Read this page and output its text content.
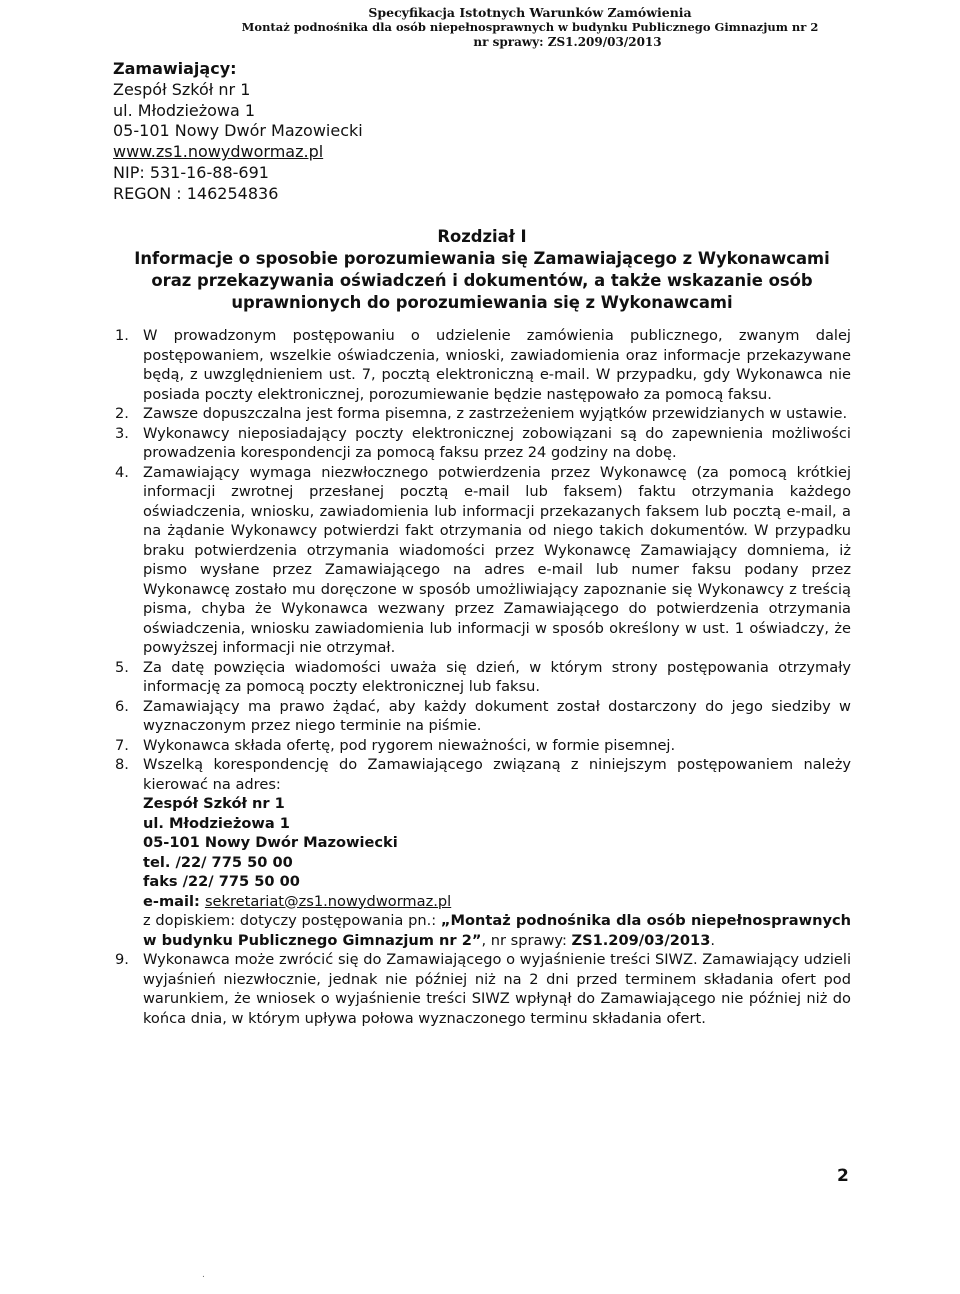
Specyfikacja Istotnych Warunków Zamówienia
Montaż podnośnika dla osób niepełnosprawnych w budynku Publicznego Gimnazjum nr 2
nr sprawy: ZS1.209/03/2013
Zamawiający:
Zespół Szkół nr 1
ul. Młodzieżowa 1
05-101 Nowy Dwór Mazowiecki
www.zs1.nowydwormaz.pl
NIP: 531-16-88-691
REGON : 146254836
Rozdział I
Informacje o sposobie porozumiewania się Zamawiającego z Wykonawcami oraz przekazywania oświadczeń i dokumentów, a także wskazanie osób uprawnionych do porozumiewania się z Wykonawcami
1. W prowadzonym postępowaniu o udzielenie zamówienia publicznego, zwanym dalej postępowaniem, wszelkie oświadczenia, wnioski, zawiadomienia oraz informacje przekazywane będą, z uwzględnieniem ust. 7, pocztą elektroniczną e-mail. W przypadku, gdy Wykonawca nie posiada poczty elektronicznej, porozumiewanie będzie następowało za pomocą faksu.
2. Zawsze dopuszczalna jest forma pisemna, z zastrzeżeniem wyjątków przewidzianych w ustawie.
3. Wykonawcy nieposiadający poczty elektronicznej zobowiązani są do zapewnienia możliwości prowadzenia korespondencji za pomocą faksu przez 24 godziny na dobę.
4. Zamawiający wymaga niezwłocznego potwierdzenia przez Wykonawcę (za pomocą krótkiej informacji zwrotnej przesłanej pocztą e-mail lub faksem) faktu otrzymania każdego oświadczenia, wniosku, zawiadomienia lub informacji przekazanych faksem lub pocztą e-mail, a na żądanie Wykonawcy potwierdzi fakt otrzymania od niego takich dokumentów. W przypadku braku potwierdzenia otrzymania wiadomości przez Wykonawcę Zamawiający domniema, iż pismo wysłane przez Zamawiającego na adres e-mail lub numer faksu podany przez Wykonawcę zostało mu doręczone w sposób umożliwiający zapoznanie się Wykonawcy z treścią pisma, chyba że Wykonawca wezwany przez Zamawiającego do potwierdzenia otrzymania oświadczenia, wniosku zawiadomienia lub informacji w sposób określony w ust. 1 oświadczy, że powyższej informacji nie otrzymał.
5. Za datę powzięcia wiadomości uważa się dzień, w którym strony postępowania otrzymały informację za pomocą poczty elektronicznej lub faksu.
6. Zamawiający ma prawo żądać, aby każdy dokument został dostarczony do jego siedziby w wyznaczonym przez niego terminie na piśmie.
7. Wykonawca składa ofertę, pod rygorem nieważności, w formie pisemnej.
8. Wszelką korespondencję do Zamawiającego związaną z niniejszym postępowaniem należy kierować na adres:
Zespół Szkół nr 1
ul. Młodzieżowa 1
05-101 Nowy Dwór Mazowiecki
tel. /22/ 775 50 00
faks /22/ 775 50 00
e-mail: sekretariat@zs1.nowydwormaz.pl
z dopiskiem: dotyczy postępowania pn.: „Montaż podnośnika dla osób niepełnosprawnych w budynku Publicznego Gimnazjum nr 2”, nr sprawy: ZS1.209/03/2013.
9. Wykonawca może zwrócić się do Zamawiającego o wyjaśnienie treści SIWZ. Zamawiający udzieli wyjaśnień niezwłocznie, jednak nie później niż na 2 dni przed terminem składania ofert pod warunkiem, że wniosek o wyjaśnienie treści SIWZ wpłynął do Zamawiającego nie później niż do końca dnia, w którym upływa połowa wyznaczonego terminu składania ofert.
2
.
